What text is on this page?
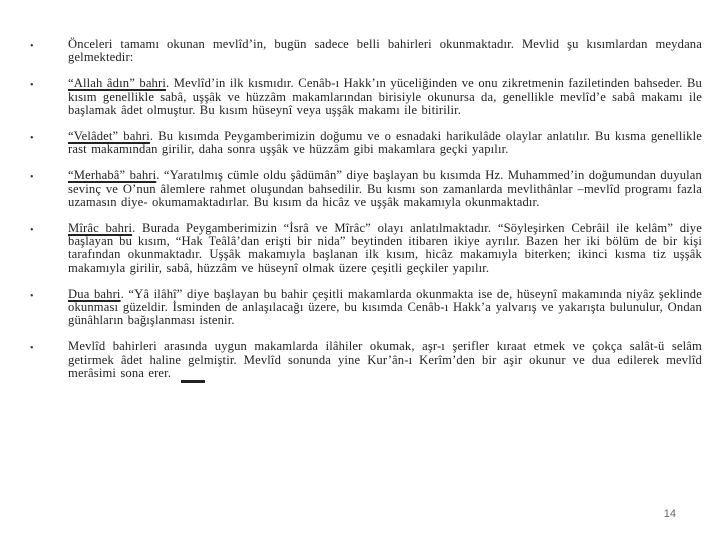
•	Önceleri tamamı okunan mevlîd’in, bugün sadece belli bahirleri okunmaktadır. Mevlid şu kısımlardan meydana gelmektedir:
•	“Allah âdın” bahri. Mevlîd’in ilk kısmıdır. Cenâb-ı Hakk’ın yüceliğinden ve onu zikretmenin faziletinden bahseder. Bu kısım genellikle sabâ, uşşâk ve hüzzâm makamlarından birisiyle okunursa da, genellikle mevlîd’e sabâ makamı ile başlamak âdet olmuştur. Bu kısım hüseynî veya uşşâk makamı ile bitirilir.
•	“Velâdet” bahri. Bu kısımda Peygamberimizin doğumu ve o esnadaki harikulâde olaylar anlatılır. Bu kısma genellikle rast makamından girilir, daha sonra uşşâk ve hüzzâm gibi makamlara geçki yapılır.
•	“Merhabâ” bahri. “Yaratılmış cümle oldu şâdümân” diye başlayan bu kısımda Hz. Muhammed’in doğumundan duyulan sevinç ve O’nun âlemlere rahmet oluşundan bahsedilir. Bu kısmı son zamanlarda mevlithânlar –mevlîd programı fazla uzamasın diye- okumamaktadırlar. Bu kısım da hicâz ve uşşâk makamıyla okunmaktadır.
•	Mîrâc bahri. Burada Peygamberimizin “İsrâ ve Mîrâc” olayı anlatılmaktadır. “Söyleşirken Cebrâil ile kelâm” diye başlayan bu kısım, “Hak Teâlâ’dan erişti bir nida” beytinden itibaren ikiye ayrılır. Bazen her iki bölüm de bir kişi tarafından okunmaktadır. Uşşâk makamıyla başlanan ilk kısım, hicâz makamıyla biterken; ikinci kısma tiz uşşâk makamıyla girilir, sabâ, hüzzâm ve hüseynî olmak üzere çeşitli geçkiler yapılır.
•	Dua bahri. “Yâ ilâhî” diye başlayan bu bahir çeşitli makamlarda okunmakta ise de, hüseynî makamında niyâz şeklinde okunması güzeldir. İsminden de anlaşılacağı üzere, bu kısımda Cenâb-ı Hakk’a yalvarış ve yakarışta bulunulur, Ondan günâhların bağışlanması istenir.
•	Mevlîd bahirleri arasında uygun makamlarda ilâhiler okumak, aşr-ı şerifler kıraat etmek ve çokça salât-ü selâm getirmek âdet haline gelmiştir. Mevlîd sonunda yine Kur’ân-ı Kerîm’den bir aşir okunur ve dua edilerek mevlîd merâsimi sona erer.
14
